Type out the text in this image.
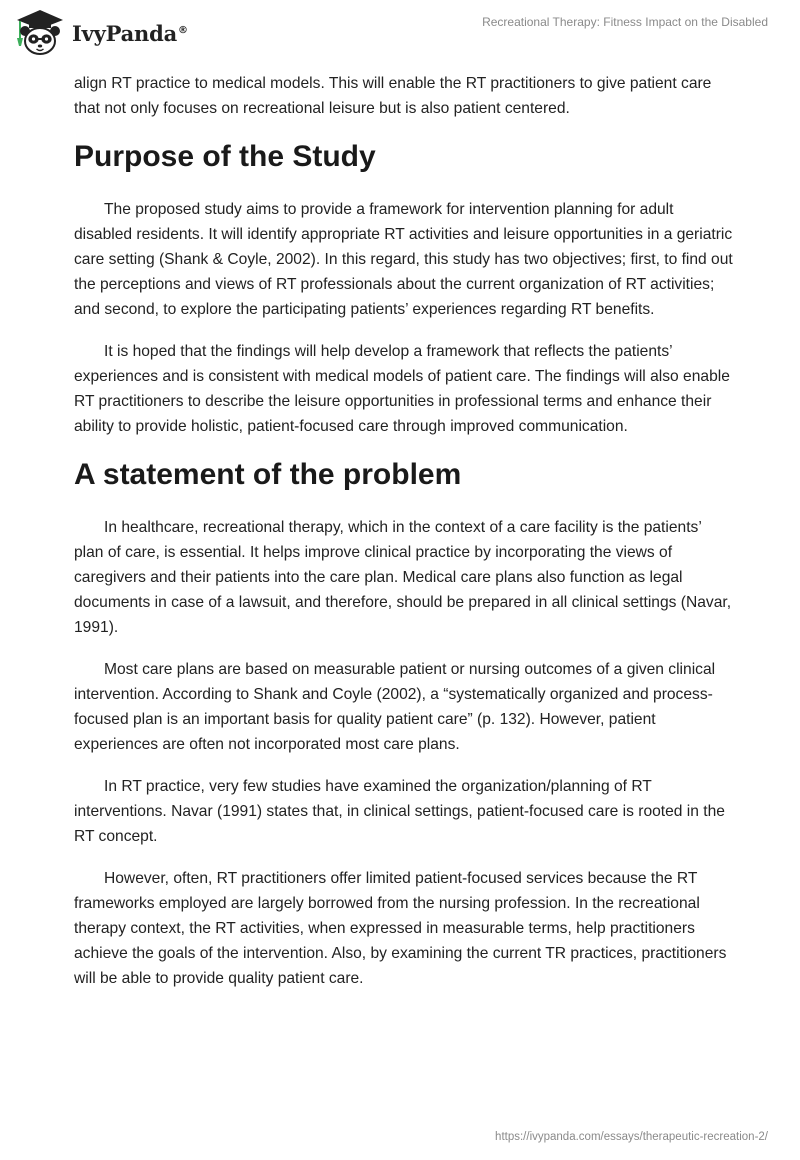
IvyPanda®
Recreational Therapy: Fitness Impact on the Disabled

align RT practice to medical models. This will enable the RT practitioners to give patient care that not only focuses on recreational leisure but is also patient centered.

Purpose of the Study

The proposed study aims to provide a framework for intervention planning for adult disabled residents. It will identify appropriate RT activities and leisure opportunities in a geriatric care setting (Shank & Coyle, 2002). In this regard, this study has two objectives; first, to find out the perceptions and views of RT professionals about the current organization of RT activities; and second, to explore the participating patients’ experiences regarding RT benefits.

It is hoped that the findings will help develop a framework that reflects the patients’ experiences and is consistent with medical models of patient care. The findings will also enable RT practitioners to describe the leisure opportunities in professional terms and enhance their ability to provide holistic, patient-focused care through improved communication.

A statement of the problem

In healthcare, recreational therapy, which in the context of a care facility is the patients’ plan of care, is essential. It helps improve clinical practice by incorporating the views of caregivers and their patients into the care plan. Medical care plans also function as legal documents in case of a lawsuit, and therefore, should be prepared in all clinical settings (Navar, 1991).

Most care plans are based on measurable patient or nursing outcomes of a given clinical intervention. According to Shank and Coyle (2002), a “systematically organized and process-focused plan is an important basis for quality patient care” (p. 132). However, patient experiences are often not incorporated most care plans.

In RT practice, very few studies have examined the organization/planning of RT interventions. Navar (1991) states that, in clinical settings, patient-focused care is rooted in the RT concept.

However, often, RT practitioners offer limited patient-focused services because the RT frameworks employed are largely borrowed from the nursing profession. In the recreational therapy context, the RT activities, when expressed in measurable terms, help practitioners achieve the goals of the intervention. Also, by examining the current TR practices, practitioners will be able to provide quality patient care.

https://ivypanda.com/essays/therapeutic-recreation-2/
